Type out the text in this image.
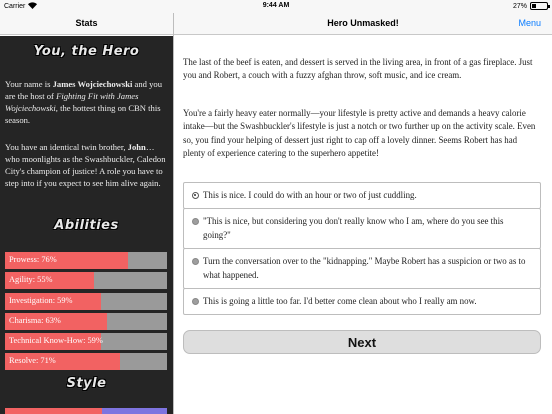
Carrier	9:44 AM	27%
Stats	Hero Unmasked!	Menu
You, the Hero

Your name is James Wojciechowski and you are the host of Fighting Fit with James Wojciechowski, the hottest thing on CBN this season.

You have an identical twin brother, John… who moonlights as the Swashbuckler, Caledon City's champion of justice! A role you have to step into if you expect to see him alive again.

Abilities
Prowess: 76%
Agility: 55%
Investigation: 59%
Charisma: 63%
Technical Know-How: 59%
Resolve: 71%
Style

The last of the beef is eaten, and dessert is served in the living area, in front of a gas fireplace. Just you and Robert, a couch with a fuzzy afghan throw, soft music, and ice cream.

You're a fairly heavy eater normally—your lifestyle is pretty active and demands a heavy calorie intake—but the Swashbuckler's lifestyle is just a notch or two further up on the activity scale. Even so, you find your helping of dessert just right to cap off a lovely dinner. Seems Robert has had plenty of experience catering to the superhero appetite!

This is nice. I could do with an hour or two of just cuddling.
"This is nice, but considering you don't really know who I am, where do you see this going?"
Turn the conversation over to the "kidnapping." Maybe Robert has a suspicion or two as to what happened.
This is going a little too far. I'd better come clean about who I really am now.
Next
